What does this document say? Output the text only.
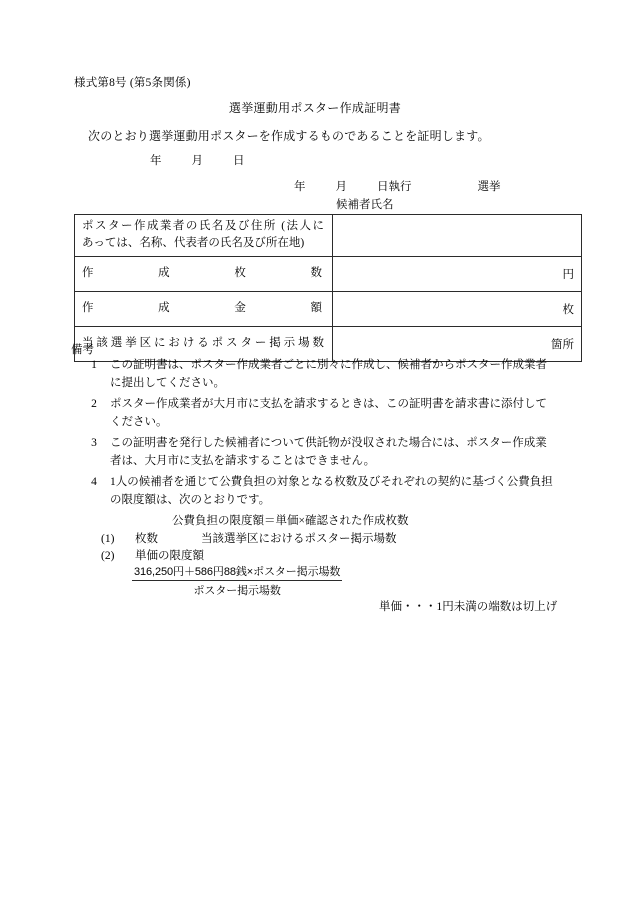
様式第8号 (第5条関係)
選挙運動用ポスター作成証明書
次のとおり選挙運動用ポスターを作成するものであることを証明します。
年	月	日
年	月	日執行	選挙
候補者氏名
ポスター作成業者の氏名及び住所 (法人に
あっては、名称、代表者の氏名及び所在地)	

作 成 枚 数	円

作 成 金 額	枚

当該選挙区におけるポスター掲示場数	箇所
備考
1	この証明書は、ポスター作成業者ごとに別々に作成し、候補者からポスター作成業者に提出してください。
2	ポスター作成業者が大月市に支払を請求するときは、この証明書を請求書に添付してください。
3	この証明書を発行した候補者について供託物が没収された場合には、ポスター作成業者は、大月市に支払を請求することはできません。
4	1人の候補者を通じて公費負担の対象となる枚数及びそれぞれの契約に基づく公費負担の限度額は、次のとおりです。
公費負担の限度額＝単価×確認された作成枚数
(1) 枚数	当該選挙区におけるポスター掲示場数
(2) 単価の限度額
316,250円＋586円88銭×ポスター掲示場数
ポスター掲示場数
単価・・・1円未満の端数は切上げ
